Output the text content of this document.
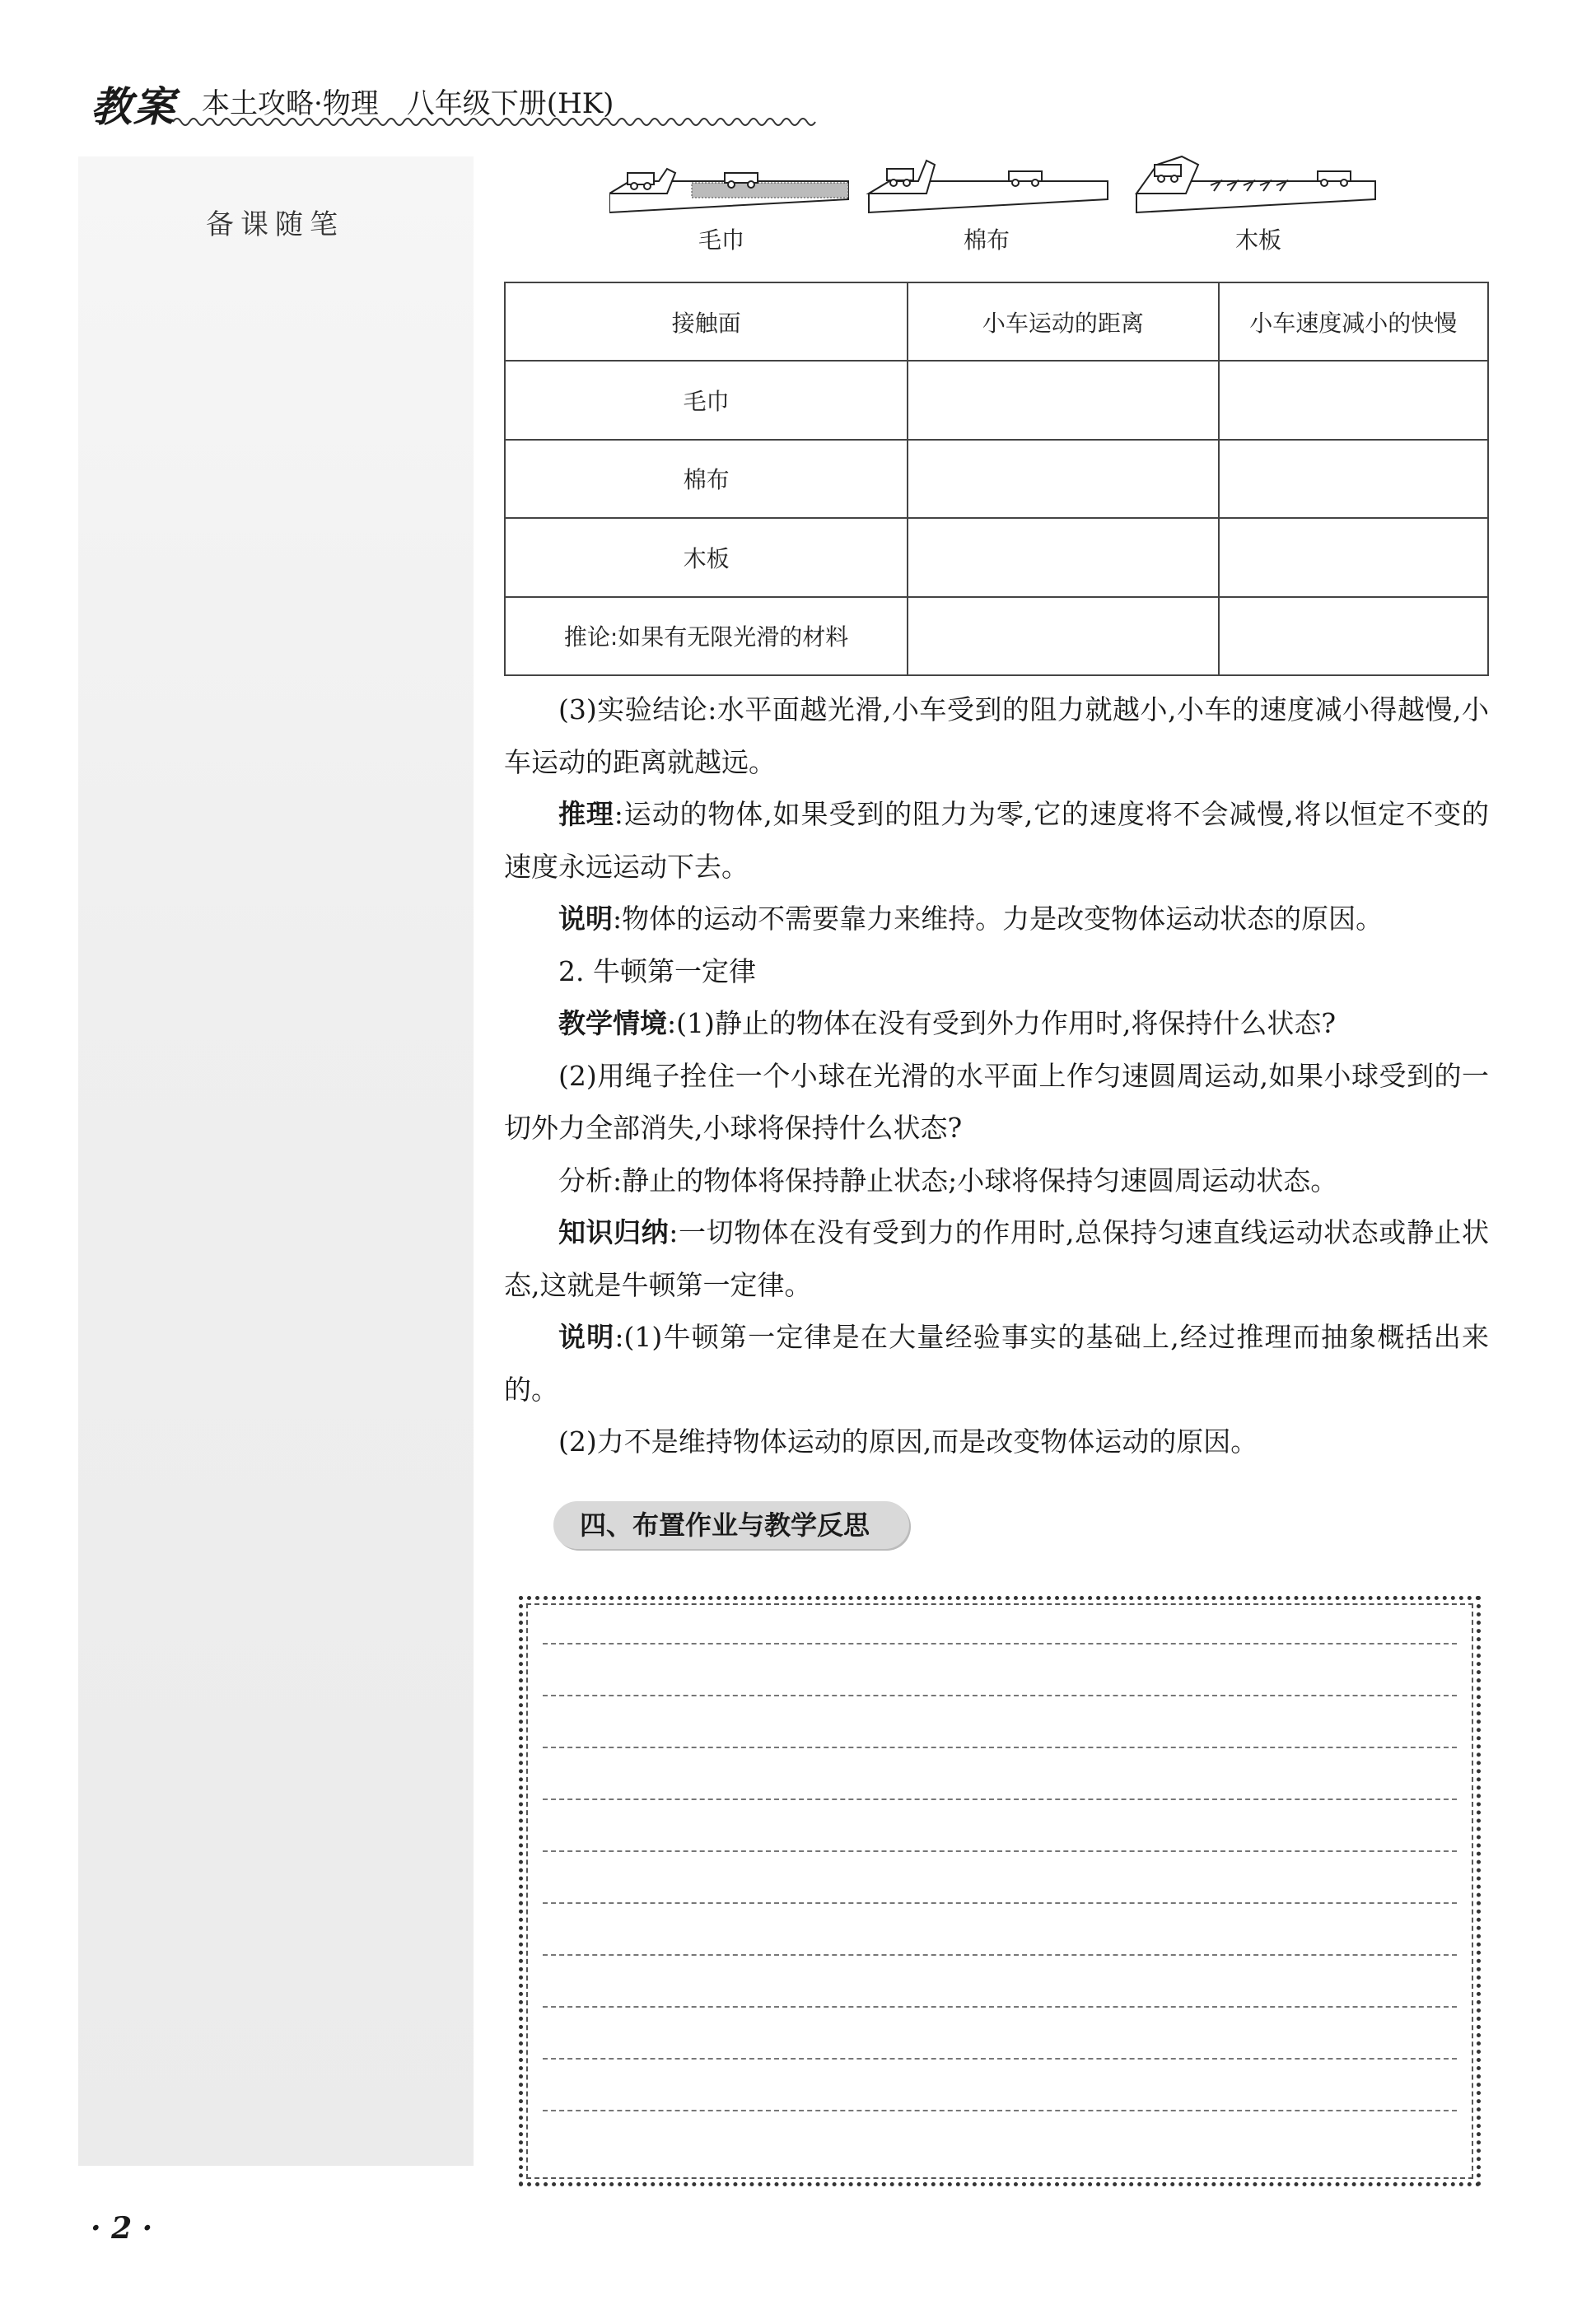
教案 本土攻略·物理　八年级下册(HK)
备课随笔	毛巾	棉布	木板
接触面	小车运动的距离	小车速度减小的快慢
毛巾		
棉布		
木板		
推论:如果有无限光滑的材料		

(3)实验结论:水平面越光滑,小车受到的阻力就越小,小车的速度减小得越慢,小车运动的距离就越远。

推理:运动的物体,如果受到的阻力为零,它的速度将不会减慢,将以恒定不变的速度永远运动下去。

说明:物体的运动不需要靠力来维持。力是改变物体运动状态的原因。

2. 牛顿第一定律

教学情境:(1)静止的物体在没有受到外力作用时,将保持什么状态?

(2)用绳子拴住一个小球在光滑的水平面上作匀速圆周运动,如果小球受到的一切外力全部消失,小球将保持什么状态?

分析:静止的物体将保持静止状态;小球将保持匀速圆周运动状态。

知识归纳:一切物体在没有受到力的作用时,总保持匀速直线运动状态或静止状态,这就是牛顿第一定律。

说明:(1)牛顿第一定律是在大量经验事实的基础上,经过推理而抽象概括出来的。

(2)力不是维持物体运动的原因,而是改变物体运动的原因。

四、布置作业与教学反思
· 2 ·
